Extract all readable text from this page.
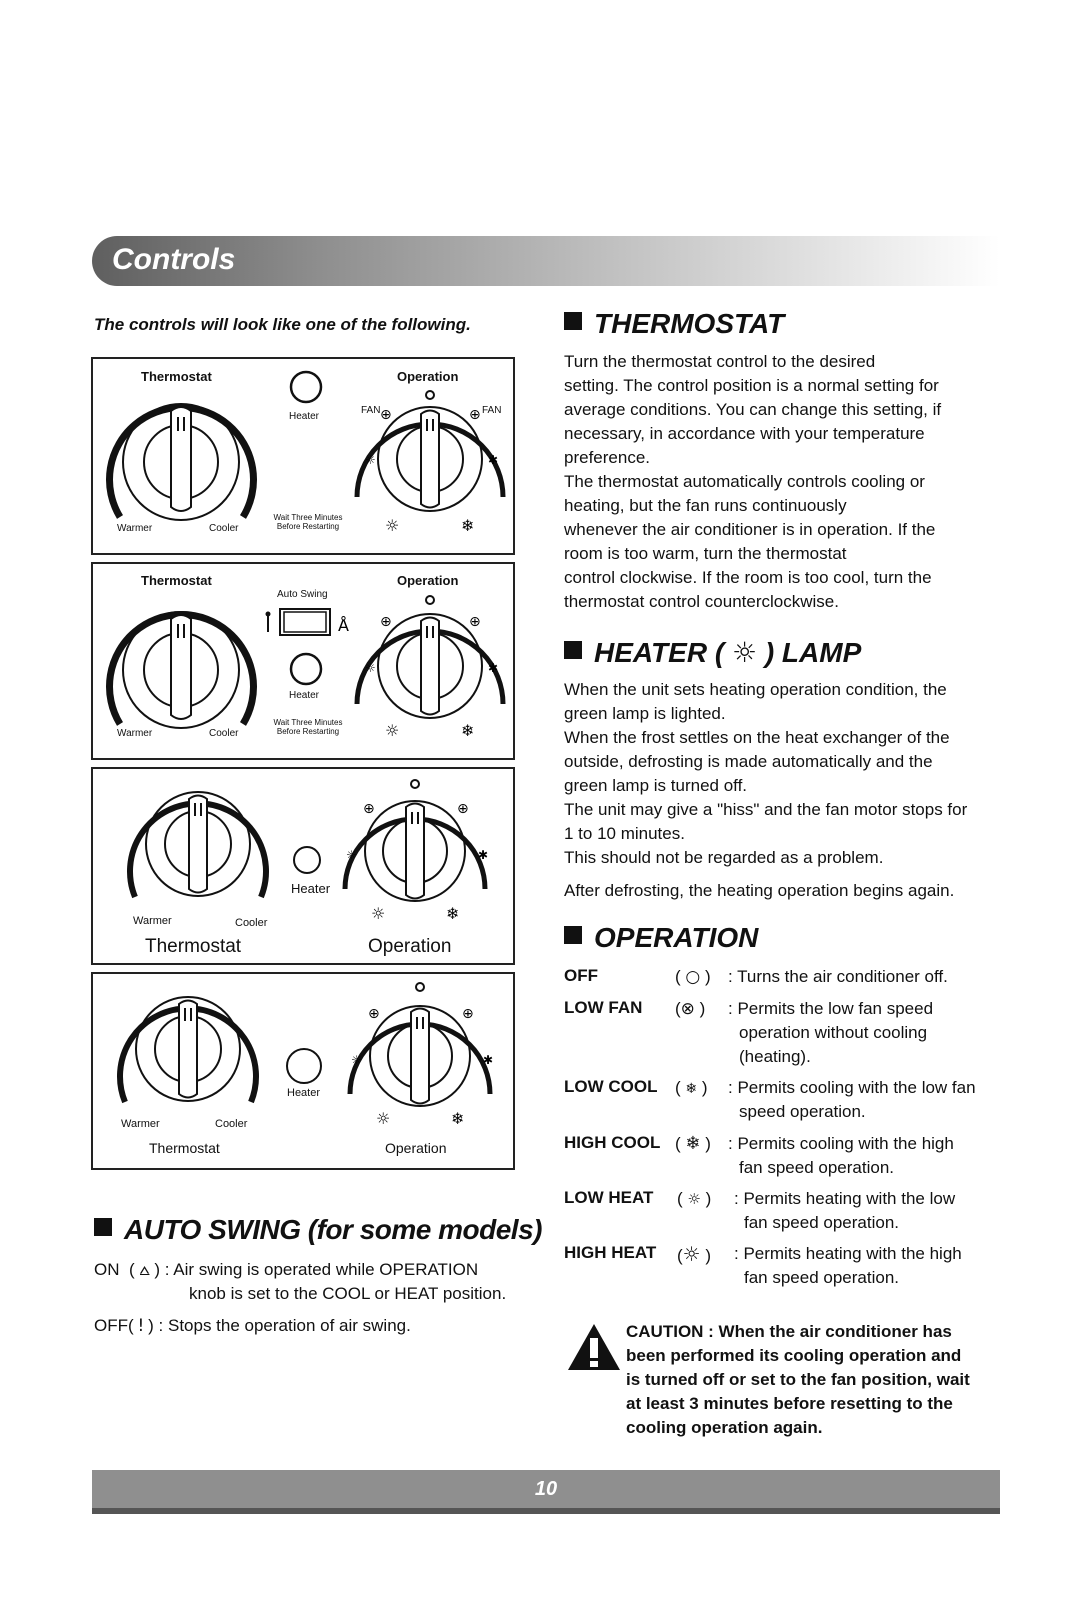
Controls
The controls will look like one of the following.
☼	✱
⊕	⊕
☼	❄
Thermostat	Operation
Heater
FAN	FAN
Wait Three Minutes
Before Restarting
Warmer	Cooler
Å
☼	✱
⊕	⊕
☼	❄
Thermostat	Operation
Auto Swing
Heater
Wait Three Minutes
Before Restarting
Warmer	Cooler
☼	✱
⊕	⊕
☼	❄
Heater
Warmer	Cooler
Thermostat	Operation
☼	✱
⊕	⊕
☼	❄
Heater
Warmer	Cooler
Thermostat	Operation
AUTO SWING (for some models)
ON  ( ⩟ ) : Air swing is operated while OPERATION
knob is set to the COOL or HEAT position.
OFF( ǃ ) : Stops the operation of air swing.
THERMOSTAT
Turn the thermostat control to the desired
setting. The control position is a normal setting for
average conditions. You can change this setting, if
necessary, in accordance with your temperature
preference.
The thermostat automatically controls cooling or
heating, but the fan runs continuously
whenever the air conditioner is in operation. If the
room is too warm, turn the thermostat
control clockwise. If the room is too cool, turn the
thermostat control counterclockwise.
HEATER ( ☼ ) LAMP
When the unit sets heating operation condition, the
green lamp is lighted.
When the frost settles on the heat exchanger of the
outside, defrosting is made automatically and the
green lamp is turned off.
The unit may give a "hiss" and the fan motor stops for
1 to 10 minutes.
This should not be regarded as a problem.
After defrosting, the heating operation begins again.
OPERATION
OFF	( ○ ) : Turns the air conditioner off.
LOW FAN (⊗ ) : Permits the low fan speed
operation without cooling
(heating).
LOW COOL ( ❄ ) : Permits cooling with the low fan
speed operation.
HIGH COOL ( ❄ ) : Permits cooling with the high
fan speed operation.
LOW HEAT ( ☼ ) : Permits heating with the low
fan speed operation.
HIGH HEAT (☼ ) : Permits heating with the high
fan speed operation.
CAUTION : When the air conditioner has
been performed its cooling operation and
is turned off or set to the fan position, wait
at least 3 minutes before resetting to the
cooling operation again.
10
